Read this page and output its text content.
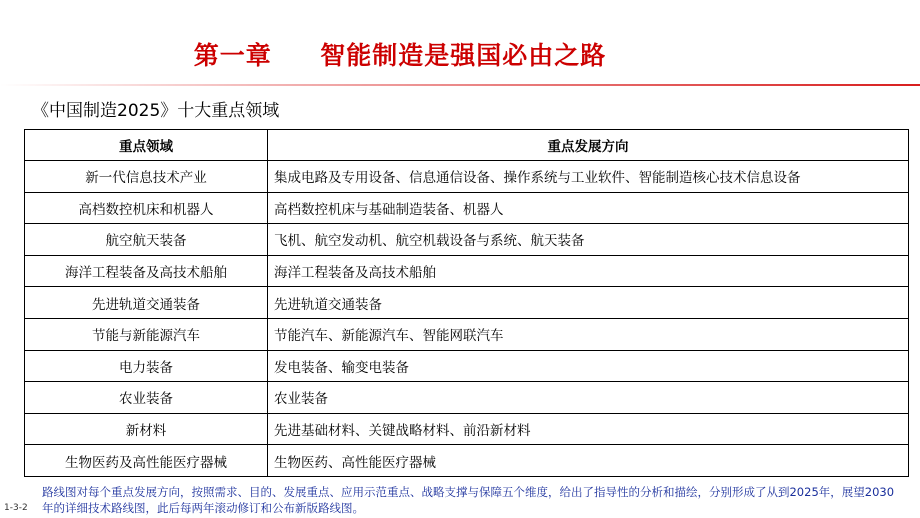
第一章     智能制造是强国必由之路
《中国制造2025》十大重点领域
重点领域	重点发展方向
新一代信息技术产业	集成电路及专用设备、信息通信设备、操作系统与工业软件、智能制造核心技术信息设备
高档数控机床和机器人	高档数控机床与基础制造装备、机器人
航空航天装备	飞机、航空发动机、航空机载设备与系统、航天装备
海洋工程装备及高技术船舶	海洋工程装备及高技术船舶
先进轨道交通装备	先进轨道交通装备
节能与新能源汽车	节能汽车、新能源汽车、智能网联汽车
电力装备	发电装备、输变电装备
农业装备	农业装备
新材料	先进基础材料、关键战略材料、前沿新材料
生物医药及高性能医疗器械	生物医药、高性能医疗器械
路线图对每个重点发展方向，按照需求、目的、发展重点、应用示范重点、战略支撑与保障五个维度，给出了指导性的分析和描绘，分别形成了从到2025年，展望2030年的详细技术路线图，此后每两年滚动修订和公布新版路线图。
1-3-2
